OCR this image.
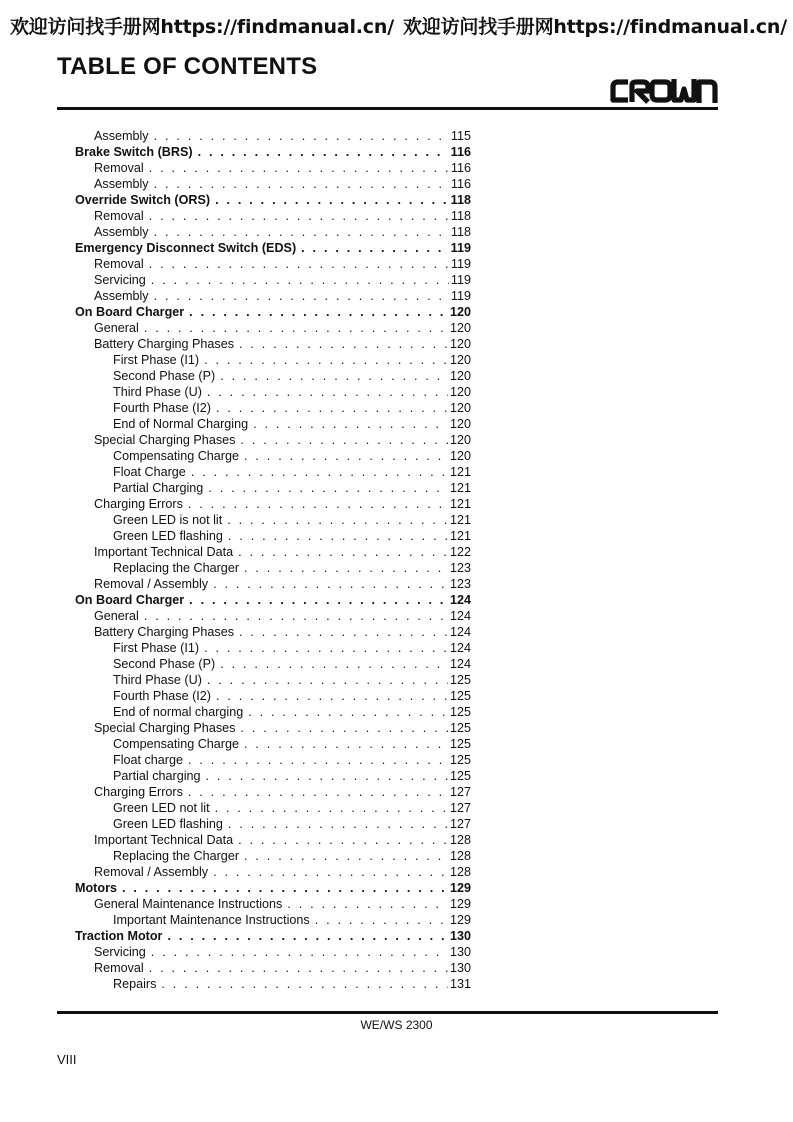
欢迎访问找手册网https://findmanual.cn/ 欢迎访问找手册网https://findmanual.cn/
TABLE OF CONTENTS
Assembly . . .	115
Brake Switch (BRS) . . .	116
Removal . . .	116
Assembly . . .	116
Override Switch (ORS) . . .	118
Removal . . .	118
Assembly . . .	118
Emergency Disconnect Switch (EDS) . . .	119
Removal . . .	119
Servicing . . .	119
Assembly . . .	119
On Board Charger . . .	120
General . . .	120
Battery Charging Phases . . .	120
First Phase (I1) . . .	120
Second Phase (P) . . .	120
Third Phase (U) . . .	120
Fourth Phase (I2) . . .	120
End of Normal Charging . . .	120
Special Charging Phases . . .	120
Compensating Charge . . .	120
Float Charge . . .	121
Partial Charging . . .	121
Charging Errors . . .	121
Green LED is not lit . . .	121
Green LED flashing . . .	121
Important Technical Data . . .	122
Replacing the Charger . . .	123
Removal / Assembly . . .	123
On Board Charger . . .	124
General . . .	124
Battery Charging Phases . . .	124
First Phase (I1) . . .	124
Second Phase (P) . . .	124
Third Phase (U) . . .	125
Fourth Phase (I2) . . .	125
End of normal charging . . .	125
Special Charging Phases . . .	125
Compensating Charge . . .	125
Float charge . . .	125
Partial charging . . .	125
Charging Errors . . .	127
Green LED not lit . . .	127
Green LED flashing . . .	127
Important Technical Data . . .	128
Replacing the Charger . . .	128
Removal / Assembly . . .	128
Motors . . .	129
General Maintenance Instructions . . .	129
Important Maintenance Instructions . . .	129
Traction Motor . . .	130
Servicing . . .	130
Removal . . .	130
Repairs . . .	131
WE/WS 2300
VIII
